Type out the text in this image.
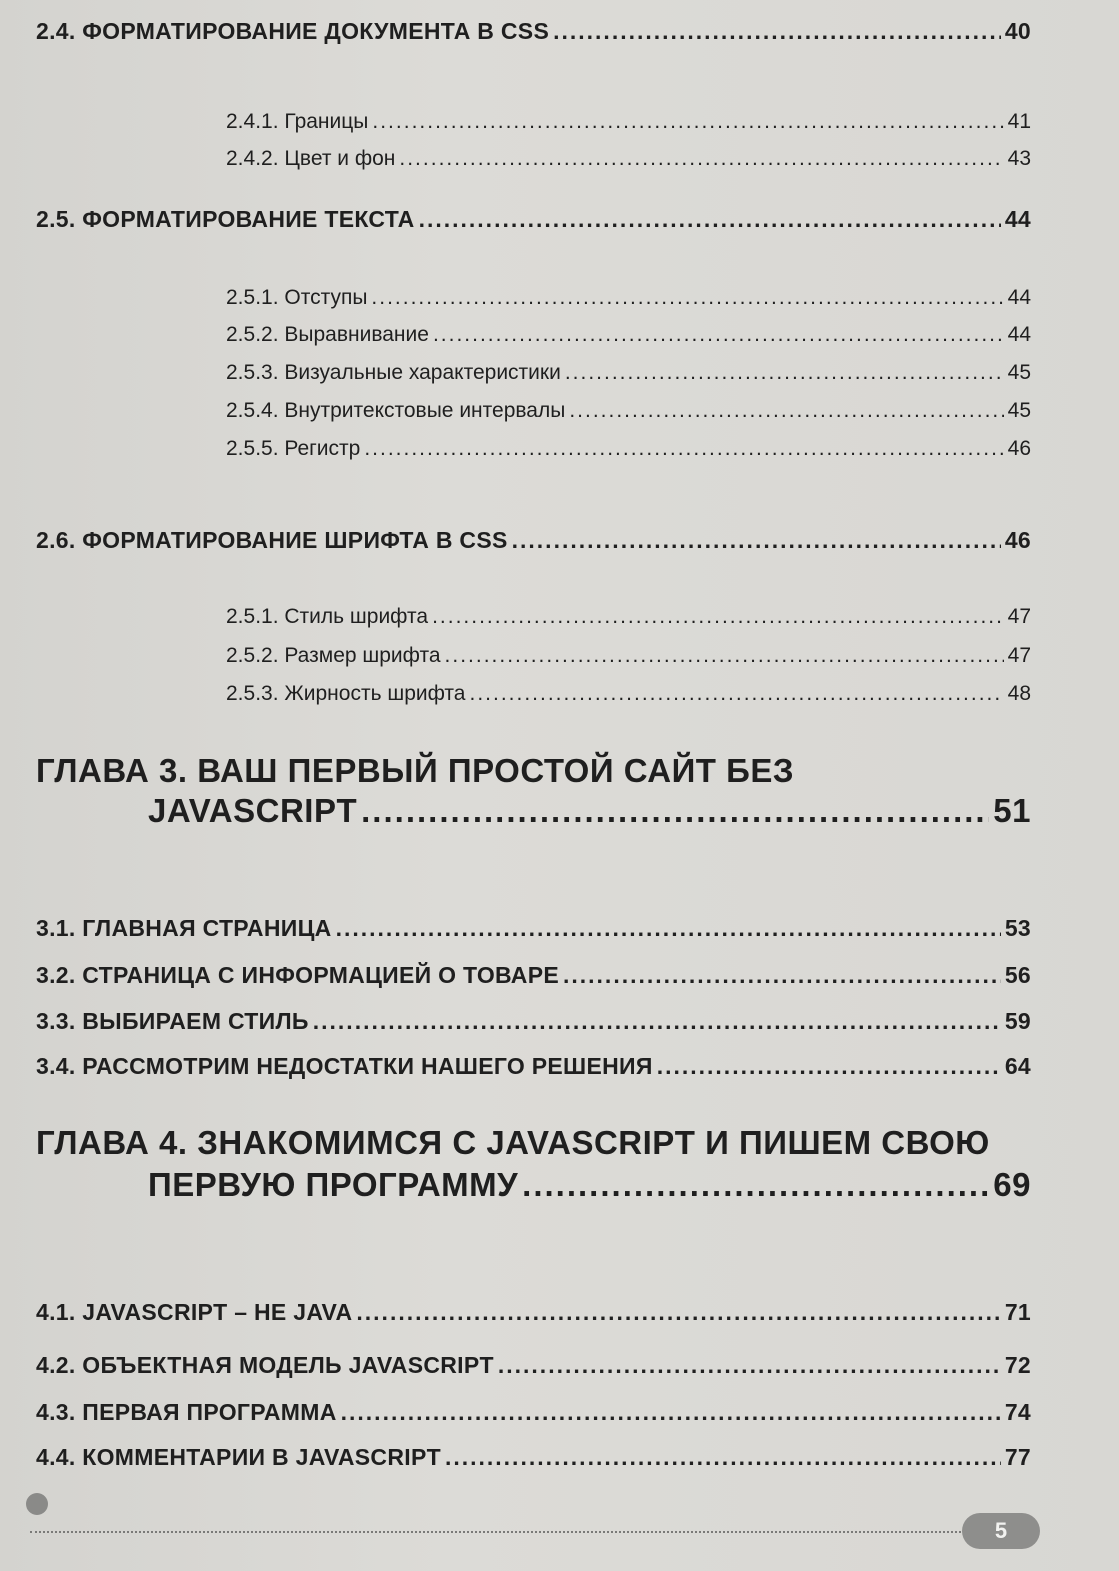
2.4. ФОРМАТИРОВАНИЕ ДОКУМЕНТА В CSS .....	40
2.4.1. Границы .....	41
2.4.2. Цвет и фон .....	43
2.5. ФОРМАТИРОВАНИЕ ТЕКСТА .....	44
2.5.1. Отступы .....	44
2.5.2. Выравнивание .....	44
2.5.3. Визуальные характеристики .....	45
2.5.4. Внутритекстовые интервалы .....	45
2.5.5. Регистр .....	46
2.6. ФОРМАТИРОВАНИЕ ШРИФТА В CSS .....	46
2.5.1. Стиль шрифта .....	47
2.5.2. Размер шрифта .....	47
2.5.3. Жирность шрифта .....	48
ГЛАВА 3. ВАШ ПЕРВЫЙ ПРОСТОЙ САЙТ БЕЗ
JAVASCRIPT .....	51
3.1. ГЛАВНАЯ СТРАНИЦА .....	53
3.2. СТРАНИЦА С ИНФОРМАЦИЕЙ О ТОВАРЕ .....	56
3.3. ВЫБИРАЕМ СТИЛЬ .....	59
3.4. РАССМОТРИМ НЕДОСТАТКИ НАШЕГО РЕШЕНИЯ .....	64
ГЛАВА 4. ЗНАКОМИМСЯ С JAVASCRIPT И ПИШЕМ СВОЮ
ПЕРВУЮ ПРОГРАММУ .....	69
4.1. JAVASCRIPT – НЕ JAVA .....	71
4.2. ОБЪЕКТНАЯ МОДЕЛЬ JAVASCRIPT .....	72
4.3. ПЕРВАЯ ПРОГРАММА .....	74
4.4. КОММЕНТАРИИ В JAVASCRIPT .....	77
5
